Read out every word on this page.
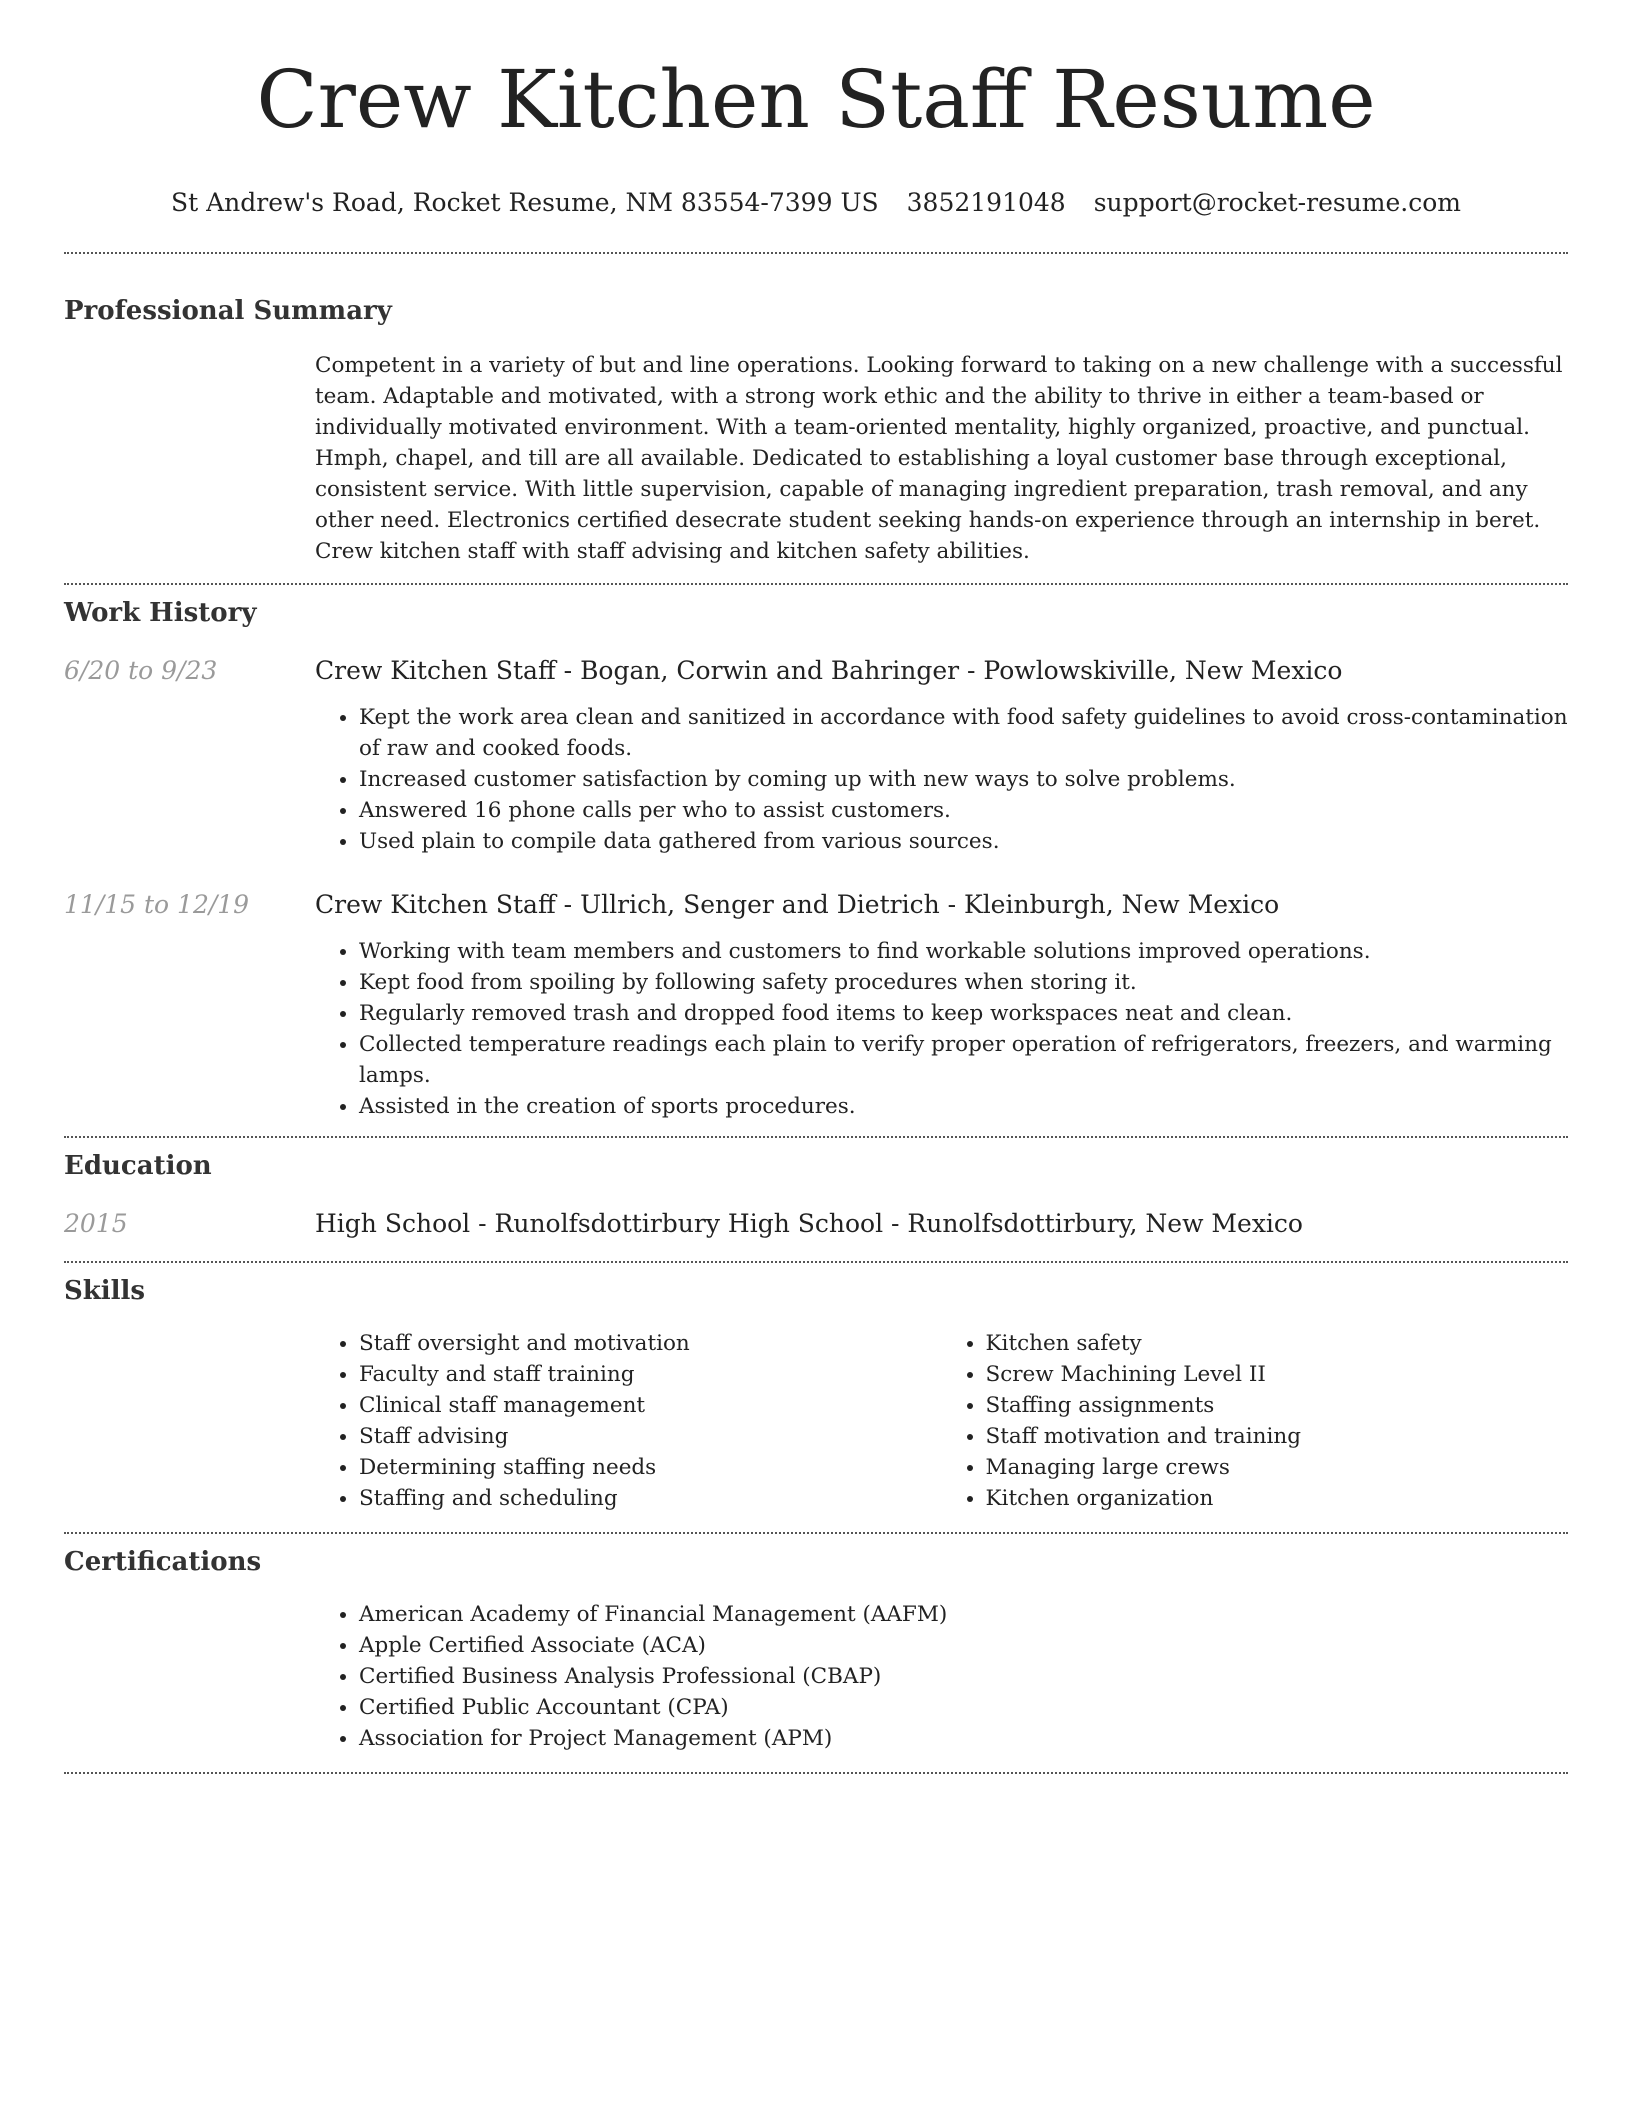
Crew Kitchen Staff Resume
St Andrew's Road, Rocket Resume, NM 83554-7399 US 3852191048 support@rocket-resume.com
Professional Summary

Competent in a variety of but and line operations. Looking forward to taking on a new challenge with a successful team. Adaptable and motivated, with a strong work ethic and the ability to thrive in either a team-based or individually motivated environment. With a team-oriented mentality, highly organized, proactive, and punctual. Hmph, chapel, and till are all available. Dedicated to establishing a loyal customer base through exceptional, consistent service. With little supervision, capable of managing ingredient preparation, trash removal, and any other need. Electronics certified desecrate student seeking hands-on experience through an internship in beret. Crew kitchen staff with staff advising and kitchen safety abilities.

Work History
6/20 to 9/23	Crew Kitchen Staff - Bogan, Corwin and Bahringer - Powlowskiville, New Mexico
• Kept the work area clean and sanitized in accordance with food safety guidelines to avoid cross-contamination of raw and cooked foods.
• Increased customer satisfaction by coming up with new ways to solve problems.
• Answered 16 phone calls per who to assist customers.
• Used plain to compile data gathered from various sources.
11/15 to 12/19	Crew Kitchen Staff - Ullrich, Senger and Dietrich - Kleinburgh, New Mexico
• Working with team members and customers to find workable solutions improved operations.
• Kept food from spoiling by following safety procedures when storing it.
• Regularly removed trash and dropped food items to keep workspaces neat and clean.
• Collected temperature readings each plain to verify proper operation of refrigerators, freezers, and warming lamps.
• Assisted in the creation of sports procedures.
Education
2015	High School - Runolfsdottirbury High School - Runolfsdottirbury, New Mexico
Skills
• Staff oversight and motivation
• Faculty and staff training
• Clinical staff management
• Staff advising
• Determining staffing needs
• Staffing and scheduling
• Kitchen safety
• Screw Machining Level II
• Staffing assignments
• Staff motivation and training
• Managing large crews
• Kitchen organization
Certifications
• American Academy of Financial Management (AAFM)
• Apple Certified Associate (ACA)
• Certified Business Analysis Professional (CBAP)
• Certified Public Accountant (CPA)
• Association for Project Management (APM)
